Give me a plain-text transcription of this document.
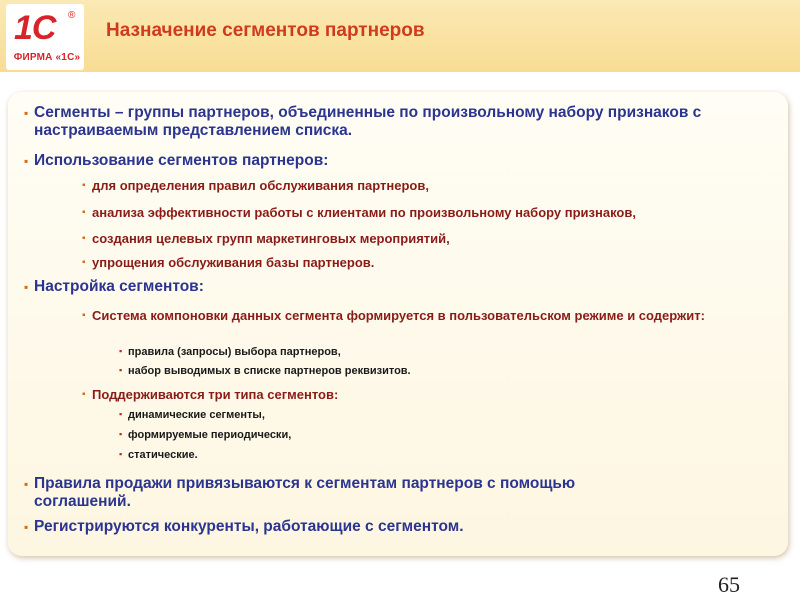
1С ®
ФИРМА «1С»
Назначение сегментов партнеров
▪ Сегменты – группы партнеров, объединенные по произвольному набору признаков с настраиваемым представлением списка.
▪ Использование сегментов партнеров:
▪ для определения правил обслуживания партнеров,
▪ анализа эффективности работы с клиентами по произвольному набору признаков,
▪ создания целевых групп маркетинговых мероприятий,
▪ упрощения обслуживания базы партнеров.
▪ Настройка сегментов:
▪ Система компоновки данных сегмента формируется в пользовательском режиме и содержит:
▪ правила (запросы) выбора партнеров,
▪ набор выводимых в списке партнеров реквизитов.
▪ Поддерживаются три типа сегментов:
▪ динамические сегменты,
▪ формируемые периодически,
▪ статические.
▪ Правила продажи привязываются к сегментам партнеров с помощью соглашений.
▪ Регистрируются конкуренты, работающие с сегментом.
65
